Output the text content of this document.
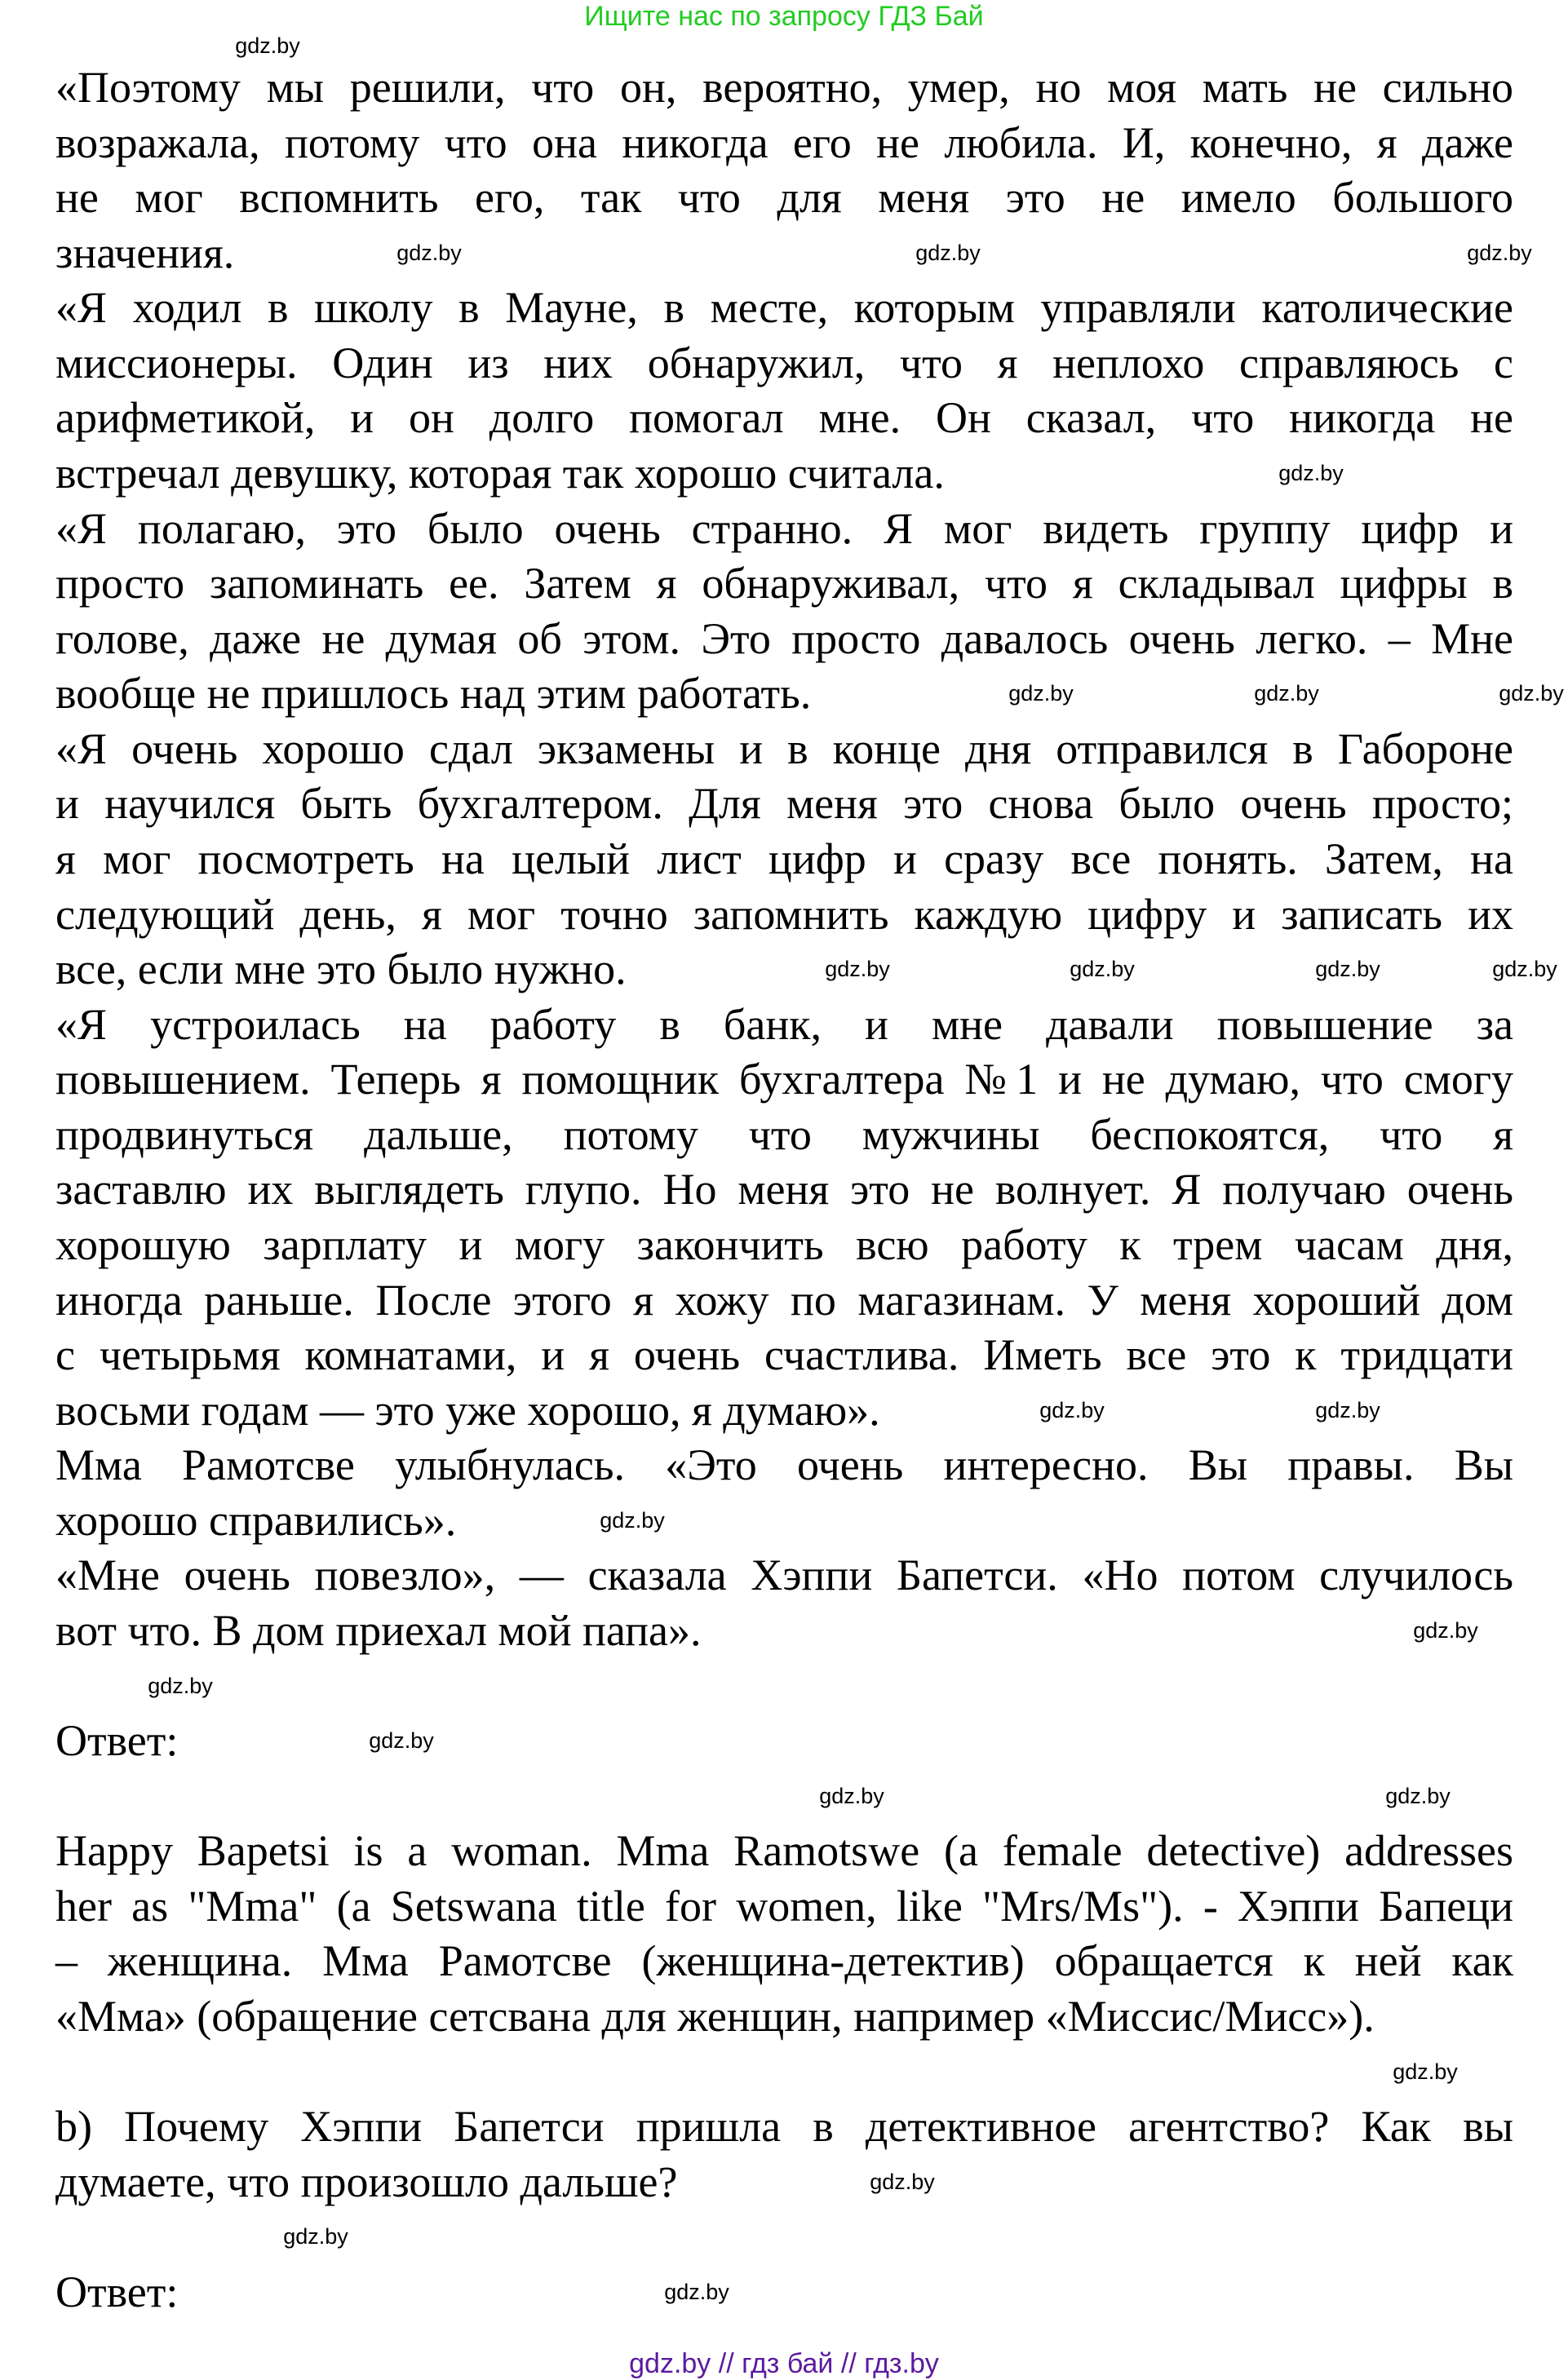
Ищите нас по запросу ГДЗ Бай
«Поэтому мы решили, что он, вероятно, умер, но моя мать не сильно
возражала, потому что она никогда его не любила. И, конечно, я даже
не мог вспомнить его, так что для меня это не имело большого
значения.
«Я ходил в школу в Мауне, в месте, которым управляли католические
миссионеры. Один из них обнаружил, что я неплохо справляюсь с
арифметикой, и он долго помогал мне. Он сказал, что никогда не
встречал девушку, которая так хорошо считала.
«Я полагаю, это было очень странно. Я мог видеть группу цифр и
просто запоминать ее. Затем я обнаруживал, что я складывал цифры в
голове, даже не думая об этом. Это просто давалось очень легко. – Мне
вообще не пришлось над этим работать.
«Я очень хорошо сдал экзамены и в конце дня отправился в Габороне
и научился быть бухгалтером. Для меня это снова было очень просто;
я мог посмотреть на целый лист цифр и сразу все понять. Затем, на
следующий день, я мог точно запомнить каждую цифру и записать их
все, если мне это было нужно.
«Я устроилась на работу в банк, и мне давали повышение за
повышением. Теперь я помощник бухгалтера №1 и не думаю, что смогу
продвинуться дальше, потому что мужчины беспокоятся, что я
заставлю их выглядеть глупо. Но меня это не волнует. Я получаю очень
хорошую зарплату и могу закончить всю работу к трем часам дня,
иногда раньше. После этого я хожу по магазинам. У меня хороший дом
с четырьмя комнатами, и я очень счастлива. Иметь все это к тридцати
восьми годам — это уже хорошо, я думаю».
Мма Рамотсве улыбнулась. «Это очень интересно. Вы правы. Вы
хорошо справились».
«Мне очень повезло», — сказала Хэппи Бапетси. «Но потом случилось
вот что. В дом приехал мой папа».
Ответ:
Happy Bapetsi is a woman. Mma Ramotswe (a female detective) addresses
her as "Mma" (a Setswana title for women, like "Mrs/Ms"). - Хэппи Бапеци
– женщина. Мма Рамотсве (женщина-детектив) обращается к ней как
«Мма» (обращение сетсвана для женщин, например «Миссис/Мисс»).
b) Почему Хэппи Бапетси пришла в детективное агентство? Как вы
думаете, что произошло дальше?
Ответ:
gdz.by
gdz.by	gdz.by	gdz.by
gdz.by
gdz.by	gdz.by	gdz.by
gdz.by	gdz.by	gdz.by	gdz.by
gdz.by	gdz.by
gdz.by
gdz.by
gdz.by
gdz.by
gdz.by	gdz.by
gdz.by
gdz.by
gdz.by
gdz.by
gdz.by // гдз бай // гдз.by
